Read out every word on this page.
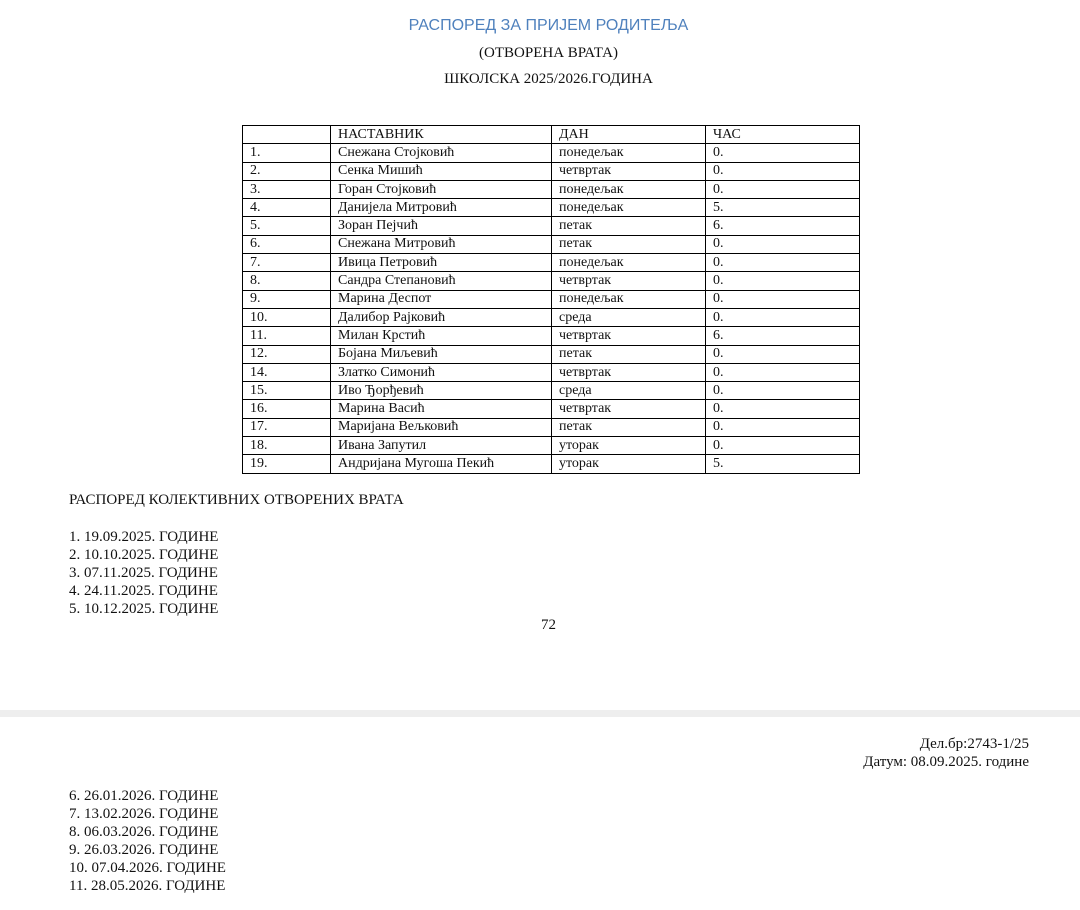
РАСПОРЕД ЗА ПРИЈЕМ РОДИТЕЉА
(ОТВОРЕНА ВРАТА)
ШКОЛСКА 2025/2026.ГОДИНА
	НАСТАВНИК	ДАН	ЧАС
1.	Снежана Стојковић	понедељак	0.
2.	Сенка Мишић	четвртак	0.
3.	Горан Стојковић	понедељак	0.
4.	Данијела Митровић	понедељак	5.
5.	Зоран Пејчић	петак	6.
6.	Снежана Митровић	петак	0.
7.	Ивица Петровић	понедељак	0.
8.	Сандра Степановић	четвртак	0.
9.	Марина Деспот	понедељак	0.
10.	Далибор Рајковић	среда	0.
11.	Милан Крстић	четвртак	6.
12.	Бојана Миљевић	петак	0.
14.	Златко Симонић	четвртак	0.
15.	Иво Ђорђевић	среда	0.
16.	Марина Васић	четвртак	0.
17.	Маријана Вељковић	петак	0.
18.	Ивана Запутил	уторак	0.
19.	Андријана Мугоша Пекић	уторак	5.
РАСПОРЕД КОЛЕКТИВНИХ ОТВОРЕНИХ ВРАТА
1. 19.09.2025. ГОДИНЕ
2. 10.10.2025. ГОДИНЕ
3. 07.11.2025. ГОДИНЕ
4. 24.11.2025. ГОДИНЕ
5. 10.12.2025. ГОДИНЕ
72
Дел.бр:2743-1/25
Датум: 08.09.2025. године
6. 26.01.2026. ГОДИНЕ
7. 13.02.2026. ГОДИНЕ
8. 06.03.2026. ГОДИНЕ
9. 26.03.2026. ГОДИНЕ
10. 07.04.2026. ГОДИНЕ
11. 28.05.2026. ГОДИНЕ
